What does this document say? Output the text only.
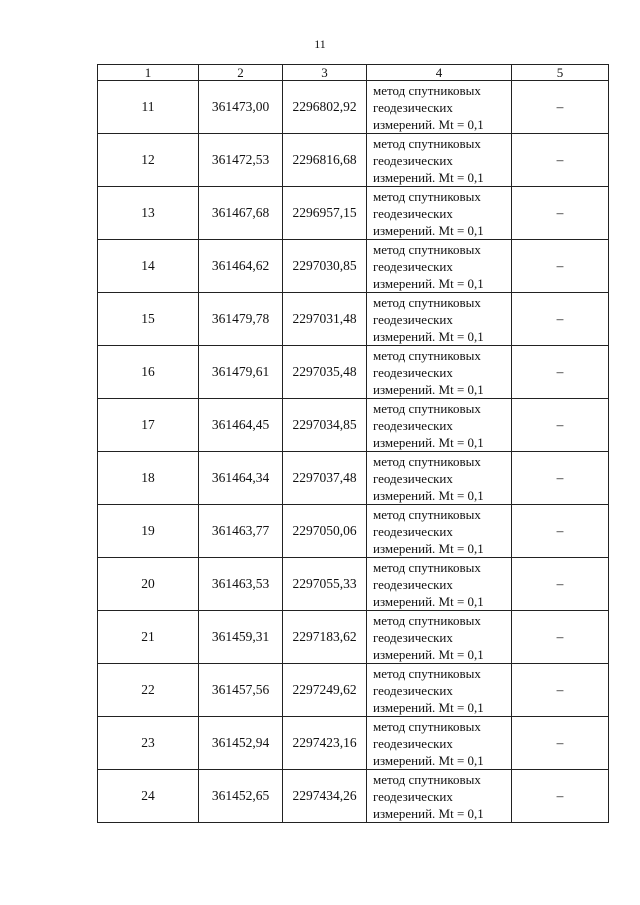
11
1	2	3	4	5
11	361473,00	2296802,92	метод спутниковых
геодезических
измерений. Mt = 0,1	–
12	361472,53	2296816,68	метод спутниковых
геодезических
измерений. Mt = 0,1	–
13	361467,68	2296957,15	метод спутниковых
геодезических
измерений. Mt = 0,1	–
14	361464,62	2297030,85	метод спутниковых
геодезических
измерений. Mt = 0,1	–
15	361479,78	2297031,48	метод спутниковых
геодезических
измерений. Mt = 0,1	–
16	361479,61	2297035,48	метод спутниковых
геодезических
измерений. Mt = 0,1	–
17	361464,45	2297034,85	метод спутниковых
геодезических
измерений. Mt = 0,1	–
18	361464,34	2297037,48	метод спутниковых
геодезических
измерений. Mt = 0,1	–
19	361463,77	2297050,06	метод спутниковых
геодезических
измерений. Mt = 0,1	–
20	361463,53	2297055,33	метод спутниковых
геодезических
измерений. Mt = 0,1	–
21	361459,31	2297183,62	метод спутниковых
геодезических
измерений. Mt = 0,1	–
22	361457,56	2297249,62	метод спутниковых
геодезических
измерений. Mt = 0,1	–
23	361452,94	2297423,16	метод спутниковых
геодезических
измерений. Mt = 0,1	–
24	361452,65	2297434,26	метод спутниковых
геодезических
измерений. Mt = 0,1	–
